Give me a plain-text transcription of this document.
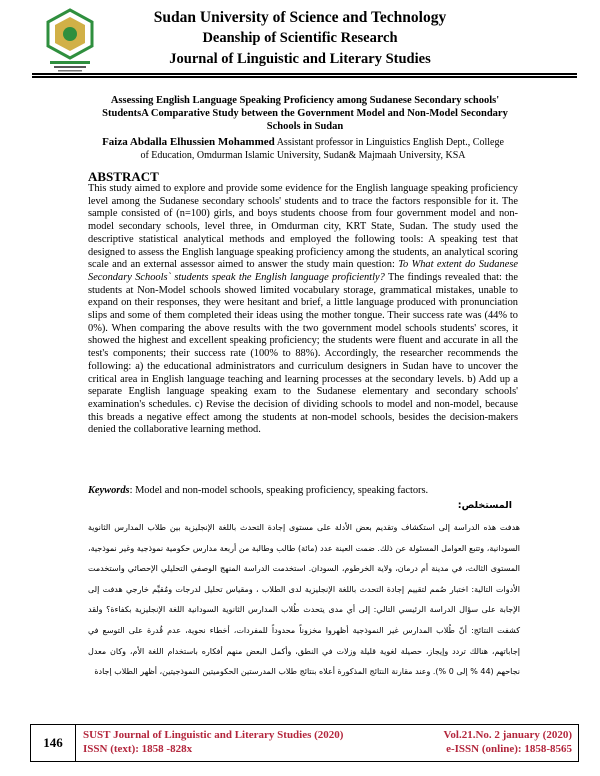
Sudan University of Science and Technology
Deanship of Scientific Research
Journal of Linguistic and Literary Studies
Assessing English Language Speaking Proficiency among Sudanese Secondary schools' StudentsA Comparative Study between the Government Model and Non-Model Secondary Schools in Sudan
Faiza Abdalla Elhussien Mohammed Assistant professor in Linguistics English Dept., College of Education, Omdurman Islamic University, Sudan& Majmaah University, KSA
ABSTRACT

This study aimed to explore and provide some evidence for the English language speaking proficiency level among the Sudanese secondary schools' students and to trace the factors responsible for it. The sample consisted of (n=100) girls, and boys students choose from four government model and non-model secondary schools, level three, in Omdurman city, KRT State, Sudan. The study used the descriptive statistical analytical methods and employed the following tools: A speaking test that designed to assess the English language speaking proficiency among the students, an analytical scoring scale and an external assessor aimed to answer the study main question: To What extent do Sudanese Secondary Schools` students speak the English language proficiently? The findings revealed that: the students at Non-Model schools showed limited vocabulary storage, grammatical mistakes, unable to expand on their responses, they were hesitant and brief, a little language produced with pronunciation slips and some of them completed their ideas using the mother tongue. Their success rate was (44% to 0%). When comparing the above results with the two government model schools students' scores, it showed the highest and excellent speaking proficiency; the students were fluent and accurate in all the test's components; their success rate (100% to 88%). Accordingly, the researcher recommends the following: a) the educational administrators and curriculum designers in Sudan have to uncover the critical area in English language teaching and learning processes at the secondary levels. b) Add up a separate English language speaking exam to the Sudanese elementary and secondary schools' examination's schedules. c) Revise the decision of dividing schools to model and non-model, because this breads a negative effect among the students at non-model schools, besides the decision-makers denied the collaborative learning method.

Keywords: Model and non-model schools, speaking proficiency, speaking factors.
المستخلص:

هدفت هذه الدراسة إلى استكشاف وتقديم بعض الأدلة على مستوى إجادة التحدث باللغة الإنجليزية بين طلاب المدارس الثانوية السودانية، وتتبع العوامل المسئولة عن ذلك. ضمت العينة عدد (مائة) طالب وطالبة من أربعة مدارس حكومية نموذجية وغير نموذجية، المستوى الثالث، في مدينة أم درمان، ولاية الخرطوم، السودان. استخدمت الدراسة المنهج الوصفي التحليلي الإحصائي واستخدمت الأدوات التالية: اختبار صُمم لتقييم إجادة التحدث باللغة الإنجليزية لدى الطلاب ، ومقياس تحليل لدرجات ومُقيِّم خارجي هدفت إلى الإجابة على سؤال الدراسة الرئيسي التالي: إلى أي مدى يتحدث طُلاب المدارس الثانوية السودانية اللغة الإنجليزية بكفاءة؟ ولقد كشفت النتائج: أنّ طُلاب المدارس غير النموذجية أظهروا مخزوناً محدوداً للمفردات، أخطاء نحوية، عدم قُدرة على التوسع في إجاباتهم، هنالك تردد وإيجاز، حصيلة لغوية قليلة وزلات في النطق، وأكمل البعض منهم أفكاره باستخدام اللغة الأم، وكان معدل نجاحهم (44 % إلى 0 %). وعند مقارنة النتائج المذكورة أعلاه بنتائج طلاب المدرستين الحكوميتين النموذجيتين، أظهر الطلاب إجادة

146	SUST Journal of Linguistic and Literary Studies (2020)
ISSN (text): 1858 -828x
Vol.21.No. 2 january (2020)
e-ISSN (online): 1858-8565
